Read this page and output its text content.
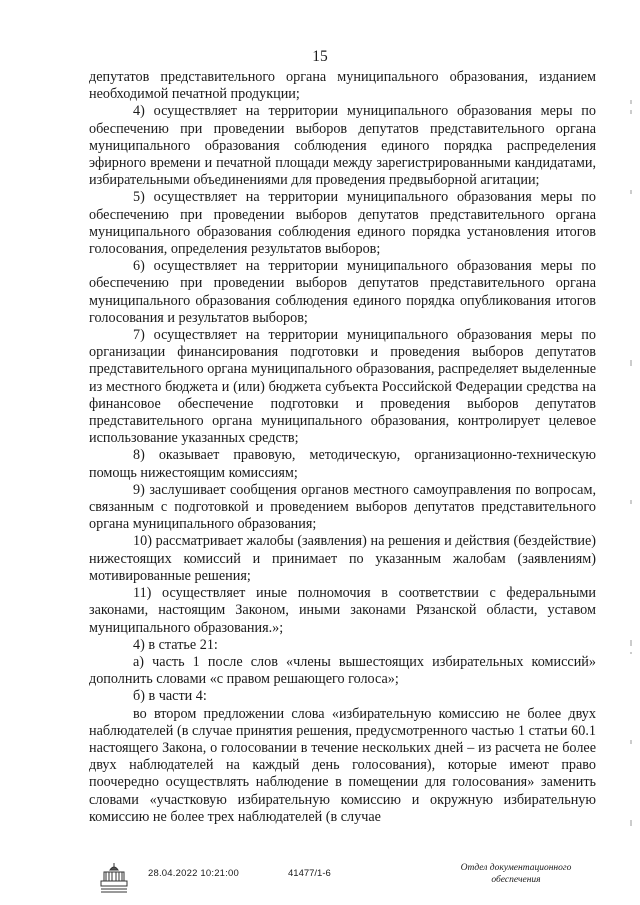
15

депутатов представительного органа муниципального образования, изданием необходимой печатной продукции;

4) осуществляет на территории муниципального образования меры по обеспечению при проведении выборов депутатов представительного органа муниципального образования соблюдения единого порядка распределения эфирного времени и печатной площади между зарегистрированными кандидатами, избирательными объединениями для проведения предвыборной агитации;

5) осуществляет на территории муниципального образования меры по обеспечению при проведении выборов депутатов представительного органа муниципального образования соблюдения единого порядка установления итогов голосования, определения результатов выборов;

6) осуществляет на территории муниципального образования меры по обеспечению при проведении выборов депутатов представительного органа муниципального образования соблюдения единого порядка опубликования итогов голосования и результатов выборов;

7) осуществляет на территории муниципального образования меры по организации финансирования подготовки и проведения выборов депутатов представительного органа муниципального образования, распределяет выделенные из местного бюджета и (или) бюджета субъекта Российской Федерации средства на финансовое обеспечение подготовки и проведения выборов депутатов представительного органа муниципального образования, контролирует целевое использование указанных средств;

8) оказывает правовую, методическую, организационно-техническую помощь нижестоящим комиссиям;

9) заслушивает сообщения органов местного самоуправления по вопросам, связанным с подготовкой и проведением выборов депутатов представительного органа муниципального образования;

10) рассматривает жалобы (заявления) на решения и действия (бездействие) нижестоящих комиссий и принимает по указанным жалобам (заявлениям) мотивированные решения;

11) осуществляет иные полномочия в соответствии с федеральными законами, настоящим Законом, иными законами Рязанской области, уставом муниципального образования.»;

4) в статье 21:

а) часть 1 после слов «члены вышестоящих избирательных комиссий» дополнить словами «с правом решающего голоса»;

б) в части 4:

во втором предложении слова «избирательную комиссию не более двух наблюдателей (в случае принятия решения, предусмотренного частью 1 статьи 60.1 настоящего Закона, о голосовании в течение нескольких дней – из расчета не более двух наблюдателей на каждый день голосования), которые имеют право поочередно осуществлять наблюдение в помещении для голосования» заменить словами «участковую избирательную комиссию и окружную избирательную комиссию не более трех наблюдателей (в случае

28.04.2022 10:21:00	41477/1-6	Отдел документационного
обеспечения
